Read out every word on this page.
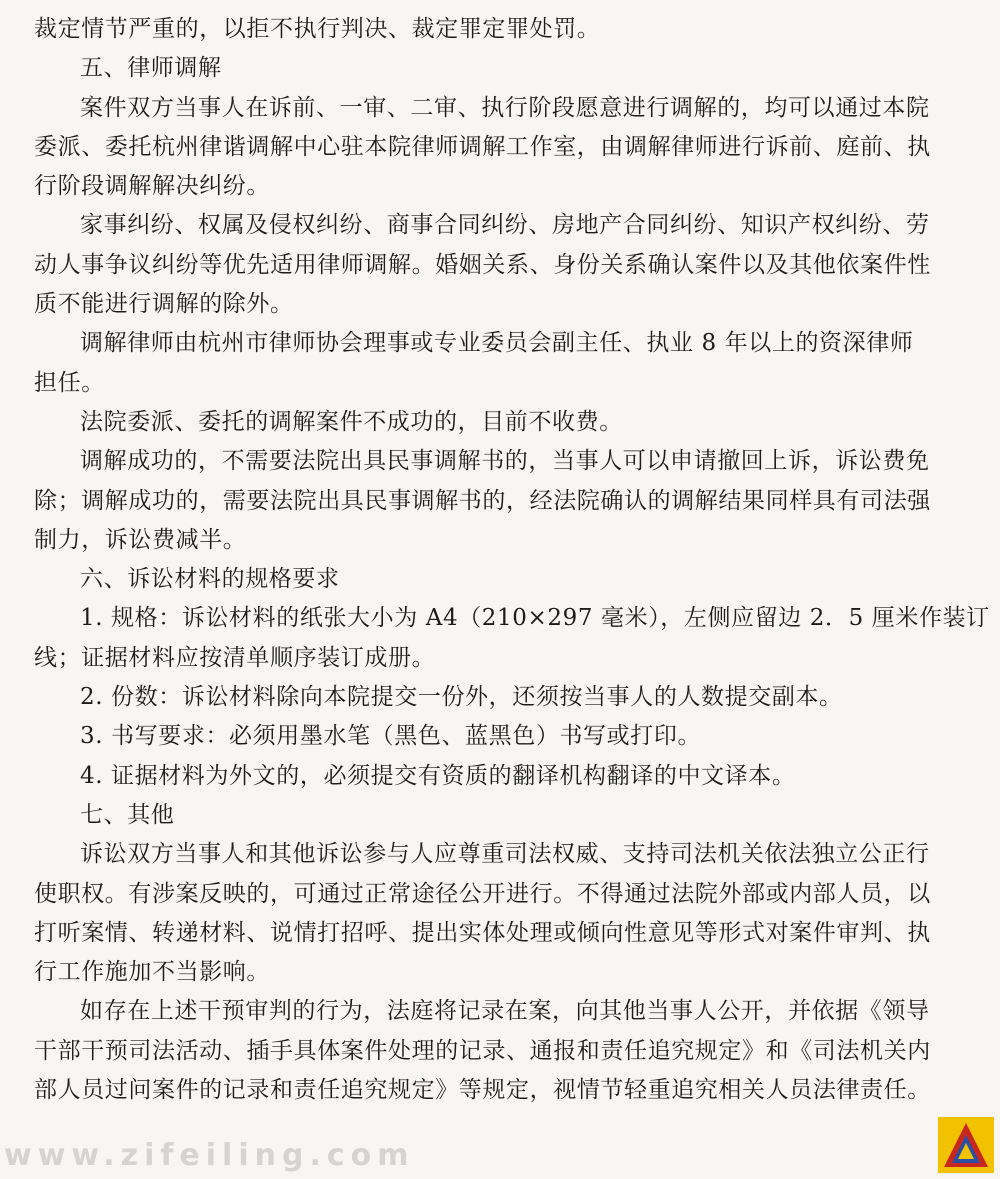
裁定情节严重的，以拒不执行判决、裁定罪定罪处罚。
五、律师调解
案件双方当事人在诉前、一审、二审、执行阶段愿意进行调解的，均可以通过本院
委派、委托杭州律谐调解中心驻本院律师调解工作室，由调解律师进行诉前、庭前、执
行阶段调解解决纠纷。
家事纠纷、权属及侵权纠纷、商事合同纠纷、房地产合同纠纷、知识产权纠纷、劳
动人事争议纠纷等优先适用律师调解。婚姻关系、身份关系确认案件以及其他依案件性
质不能进行调解的除外。
调解律师由杭州市律师协会理事或专业委员会副主任、执业 8 年以上的资深律师
担任。
法院委派、委托的调解案件不成功的，目前不收费。
调解成功的，不需要法院出具民事调解书的，当事人可以申请撤回上诉，诉讼费免
除；调解成功的，需要法院出具民事调解书的，经法院确认的调解结果同样具有司法强
制力，诉讼费减半。
六、诉讼材料的规格要求
1. 规格：诉讼材料的纸张大小为 A4（210×297 毫米），左侧应留边 2．5 厘米作装订
线；证据材料应按清单顺序装订成册。
2. 份数：诉讼材料除向本院提交一份外，还须按当事人的人数提交副本。
3. 书写要求：必须用墨水笔（黑色、蓝黑色）书写或打印。
4. 证据材料为外文的，必须提交有资质的翻译机构翻译的中文译本。
七、其他
诉讼双方当事人和其他诉讼参与人应尊重司法权威、支持司法机关依法独立公正行
使职权。有涉案反映的，可通过正常途径公开进行。不得通过法院外部或内部人员，以
打听案情、转递材料、说情打招呼、提出实体处理或倾向性意见等形式对案件审判、执
行工作施加不当影响。
如存在上述干预审判的行为，法庭将记录在案，向其他当事人公开，并依据《领导
干部干预司法活动、插手具体案件处理的记录、通报和责任追究规定》和《司法机关内
部人员过问案件的记录和责任追究规定》等规定，视情节轻重追究相关人员法律责任。
www.zifeiling.com
